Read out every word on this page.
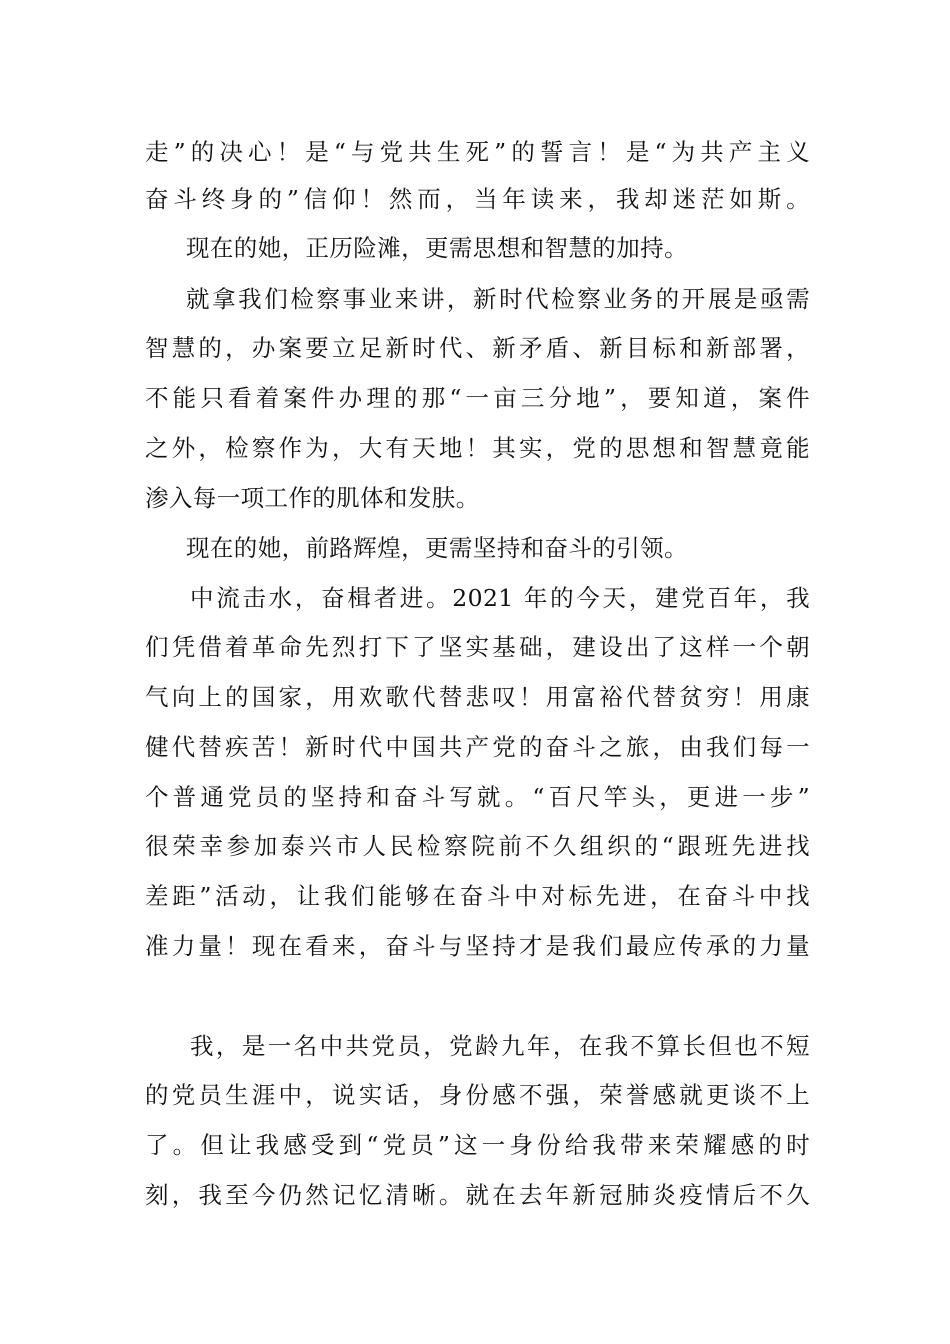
走”的决心！是“与党共生死”的誓言！是“为共产主义
奋斗终身的”信仰！然而，当年读来，我却迷茫如斯。
现在的她，正历险滩，更需思想和智慧的加持。
就拿我们检察事业来讲，新时代检察业务的开展是亟需
智慧的，办案要立足新时代、新矛盾、新目标和新部署，
不能只看着案件办理的那“一亩三分地”，要知道，案件
之外，检察作为，大有天地！其实，党的思想和智慧竟能
渗入每一项工作的肌体和发肤。
现在的她，前路辉煌，更需坚持和奋斗的引领。
中流击水，奋楫者进。2021 年的今天，建党百年，我
们凭借着革命先烈打下了坚实基础，建设出了这样一个朝
气向上的国家，用欢歌代替悲叹！用富裕代替贫穷！用康
健代替疾苦！新时代中国共产党的奋斗之旅，由我们每一
个普通党员的坚持和奋斗写就。“百尺竿头，更进一步”
很荣幸参加泰兴市人民检察院前不久组织的“跟班先进找
差距”活动，让我们能够在奋斗中对标先进，在奋斗中找
准力量！现在看来，奋斗与坚持才是我们最应传承的力量
我，是一名中共党员，党龄九年，在我不算长但也不短
的党员生涯中，说实话，身份感不强，荣誉感就更谈不上
了。但让我感受到“党员”这一身份给我带来荣耀感的时
刻，我至今仍然记忆清晰。就在去年新冠肺炎疫情后不久
